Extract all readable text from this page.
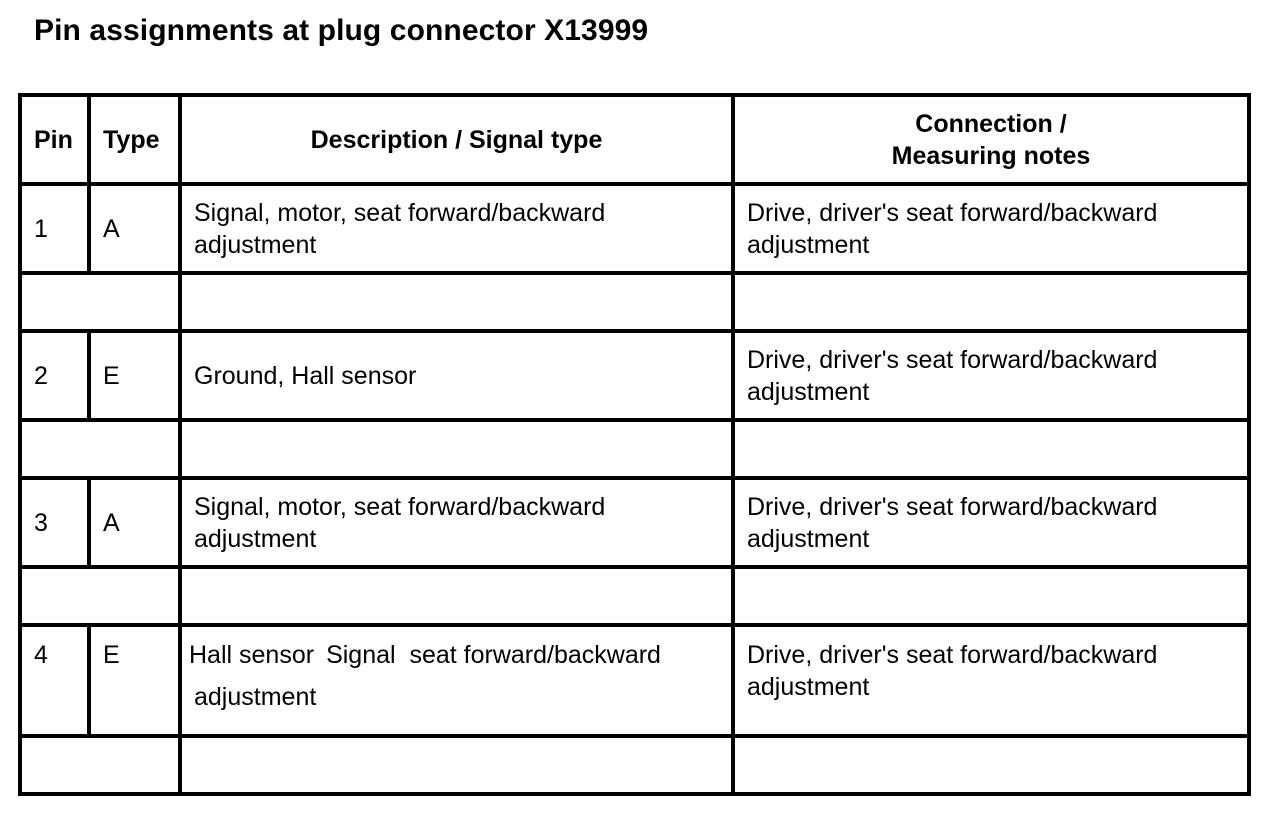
Pin assignments at plug connector X13999
Pin	Type	Description / Signal type	Connection /
Measuring notes
1	A	Signal, motor, seat forward/backward adjustment	Drive, driver's seat forward/backward adjustment

2	E	Ground, Hall sensor	Drive, driver's seat forward/backward adjustment

3	A	Signal, motor, seat forward/backward adjustment	Drive, driver's seat forward/backward adjustment

4	E	Hall sensor Signal  seat forward/backward
adjustment	Drive, driver's seat forward/backward adjustment
